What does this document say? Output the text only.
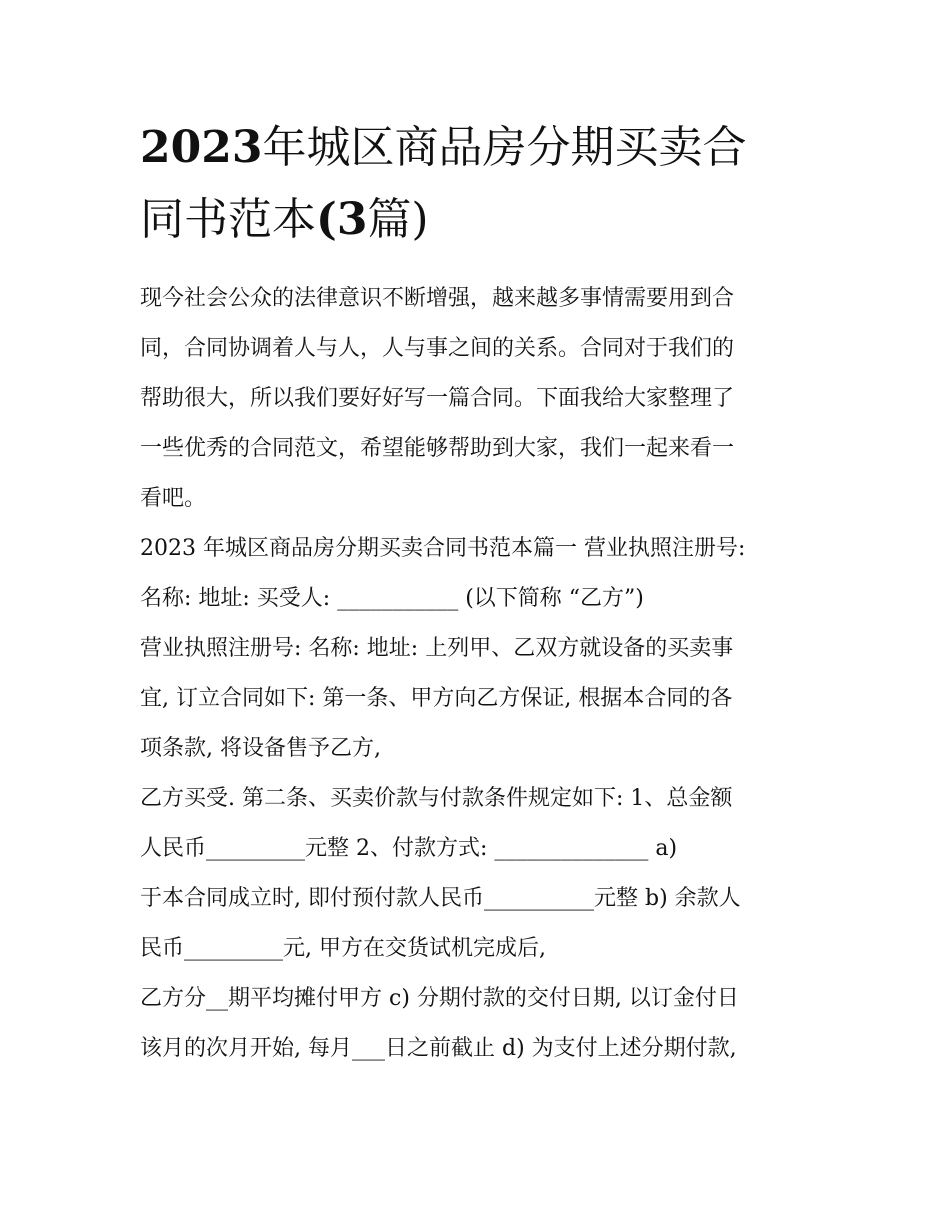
2023年城区商品房分期买卖合
同书范本(3篇)
现今社会公众的法律意识不断增强，越来越多事情需要用到合
同，合同协调着人与人，人与事之间的关系。合同对于我们的
帮助很大，所以我们要好好写一篇合同。下面我给大家整理了
一些优秀的合同范文，希望能够帮助到大家，我们一起来看一
看吧。
2023 年城区商品房分期买卖合同书范本篇一 营业执照注册号:
名称: 地址: 买受人: ___________ (以下简称 “乙方”)
营业执照注册号: 名称: 地址: 上列甲、乙双方就设备的买卖事
宜, 订立合同如下: 第一条、甲方向乙方保证, 根据本合同的各
项条款, 将设备售予乙方,
乙方买受. 第二条、买卖价款与付款条件规定如下: 1、总金额
人民币_________元整 2、付款方式: ______________ a)
于本合同成立时, 即付预付款人民币__________元整 b) 余款人
民币_________元, 甲方在交货试机完成后,
乙方分__期平均摊付甲方 c) 分期付款的交付日期, 以订金付日
该月的次月开始, 每月___日之前截止 d) 为支付上述分期付款,
